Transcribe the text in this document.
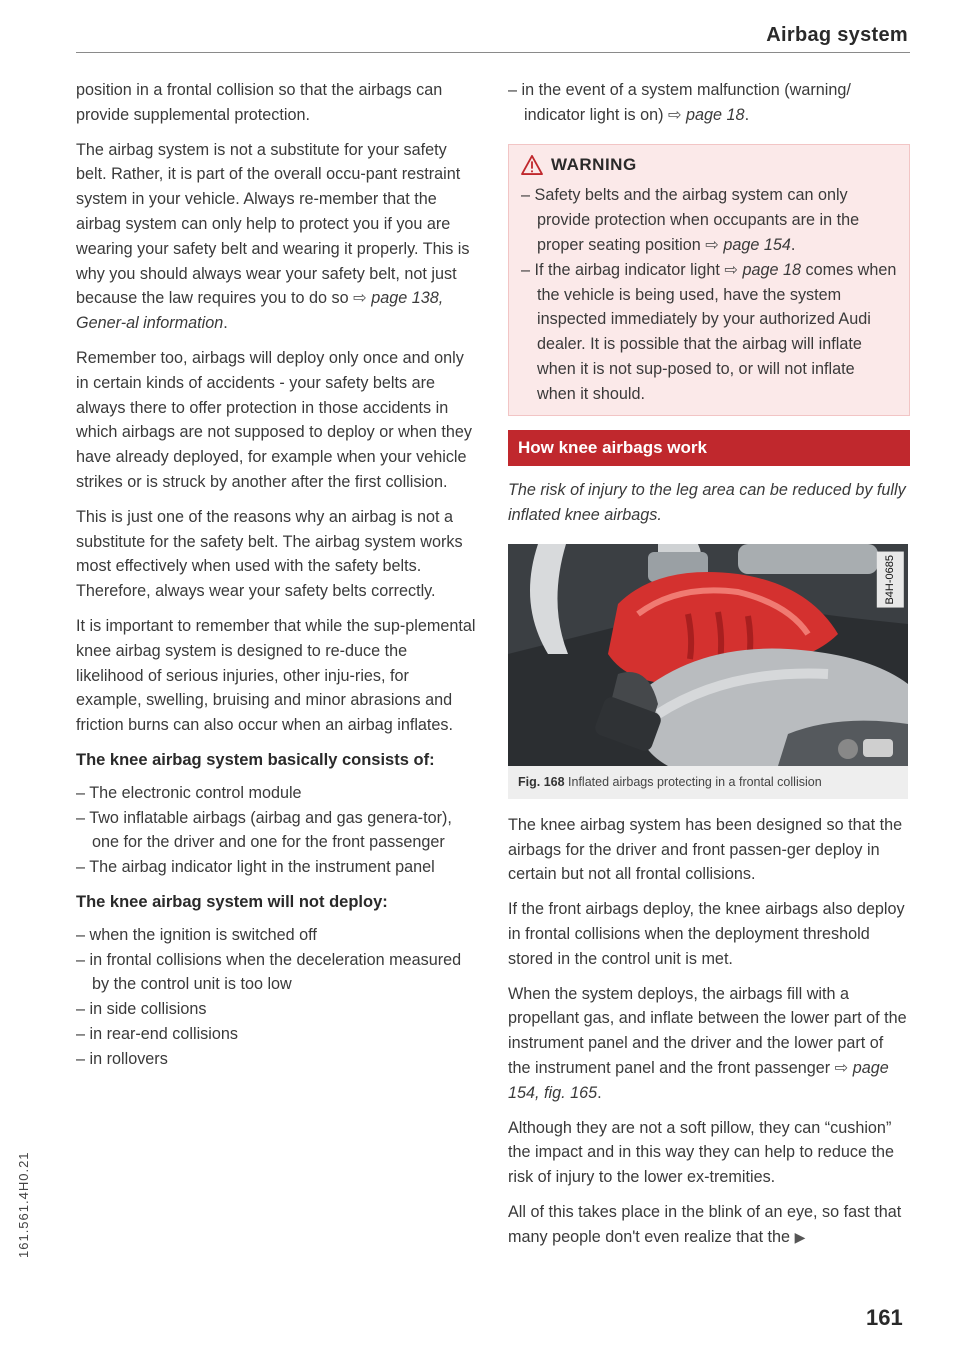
Airbag system
161.561.4H0.21

position in a frontal collision so that the airbags can provide supplemental protection.

The airbag system is not a substitute for your safety belt. Rather, it is part of the overall occu-pant restraint system in your vehicle. Always re-member that the airbag system can only help to protect you if you are wearing your safety belt and wearing it properly. This is why you should always wear your safety belt, not just because the law requires you to do so ⇨ page 138, Gener-al information.

Remember too, airbags will deploy only once and only in certain kinds of accidents - your safety belts are always there to offer protection in those accidents in which airbags are not supposed to deploy or when they have already deployed, for example when your vehicle strikes or is struck by another after the first collision.

This is just one of the reasons why an airbag is not a substitute for the safety belt. The airbag system works most effectively when used with the safety belts. Therefore, always wear your safety belts correctly.

It is important to remember that while the sup-plemental knee airbag system is designed to re-duce the likelihood of serious injuries, other inju-ries, for example, swelling, bruising and minor abrasions and friction burns can also occur when an airbag inflates.

The knee airbag system basically consists of:
– The electronic control module
– Two inflatable airbags (airbag and gas genera-tor), one for the driver and one for the front passenger
– The airbag indicator light in the instrument panel
The knee airbag system will not deploy:
– when the ignition is switched off
– in frontal collisions when the deceleration measured by the control unit is too low
– in side collisions
– in rear-end collisions
– in rollovers
– in the event of a system malfunction (warning/ indicator light is on) ⇨ page 18.
WARNING
– Safety belts and the airbag system can only provide protection when occupants are in the proper seating position ⇨ page 154.
– If the airbag indicator light ⇨ page 18 comes when the vehicle is being used, have the system inspected immediately by your authorized Audi dealer. It is possible that the airbag will inflate when it is not sup-posed to, or will not inflate when it should.
How knee airbags work

The risk of injury to the leg area can be reduced by fully inflated knee airbags.

B4H-0685
Fig. 168 Inflated airbags protecting in a frontal collision

The knee airbag system has been designed so that the airbags for the driver and front passen-ger deploy in certain but not all frontal collisions.

If the front airbags deploy, the knee airbags also deploy in frontal collisions when the deployment threshold stored in the control unit is met.

When the system deploys, the airbags fill with a propellant gas, and inflate between the lower part of the instrument panel and the driver and the lower part of the instrument panel and the front passenger ⇨ page 154, fig. 165.

Although they are not a soft pillow, they can “cushion” the impact and in this way they can help to reduce the risk of injury to the lower ex-tremities.

All of this takes place in the blink of an eye, so fast that many people don't even realize that the ▶

161
